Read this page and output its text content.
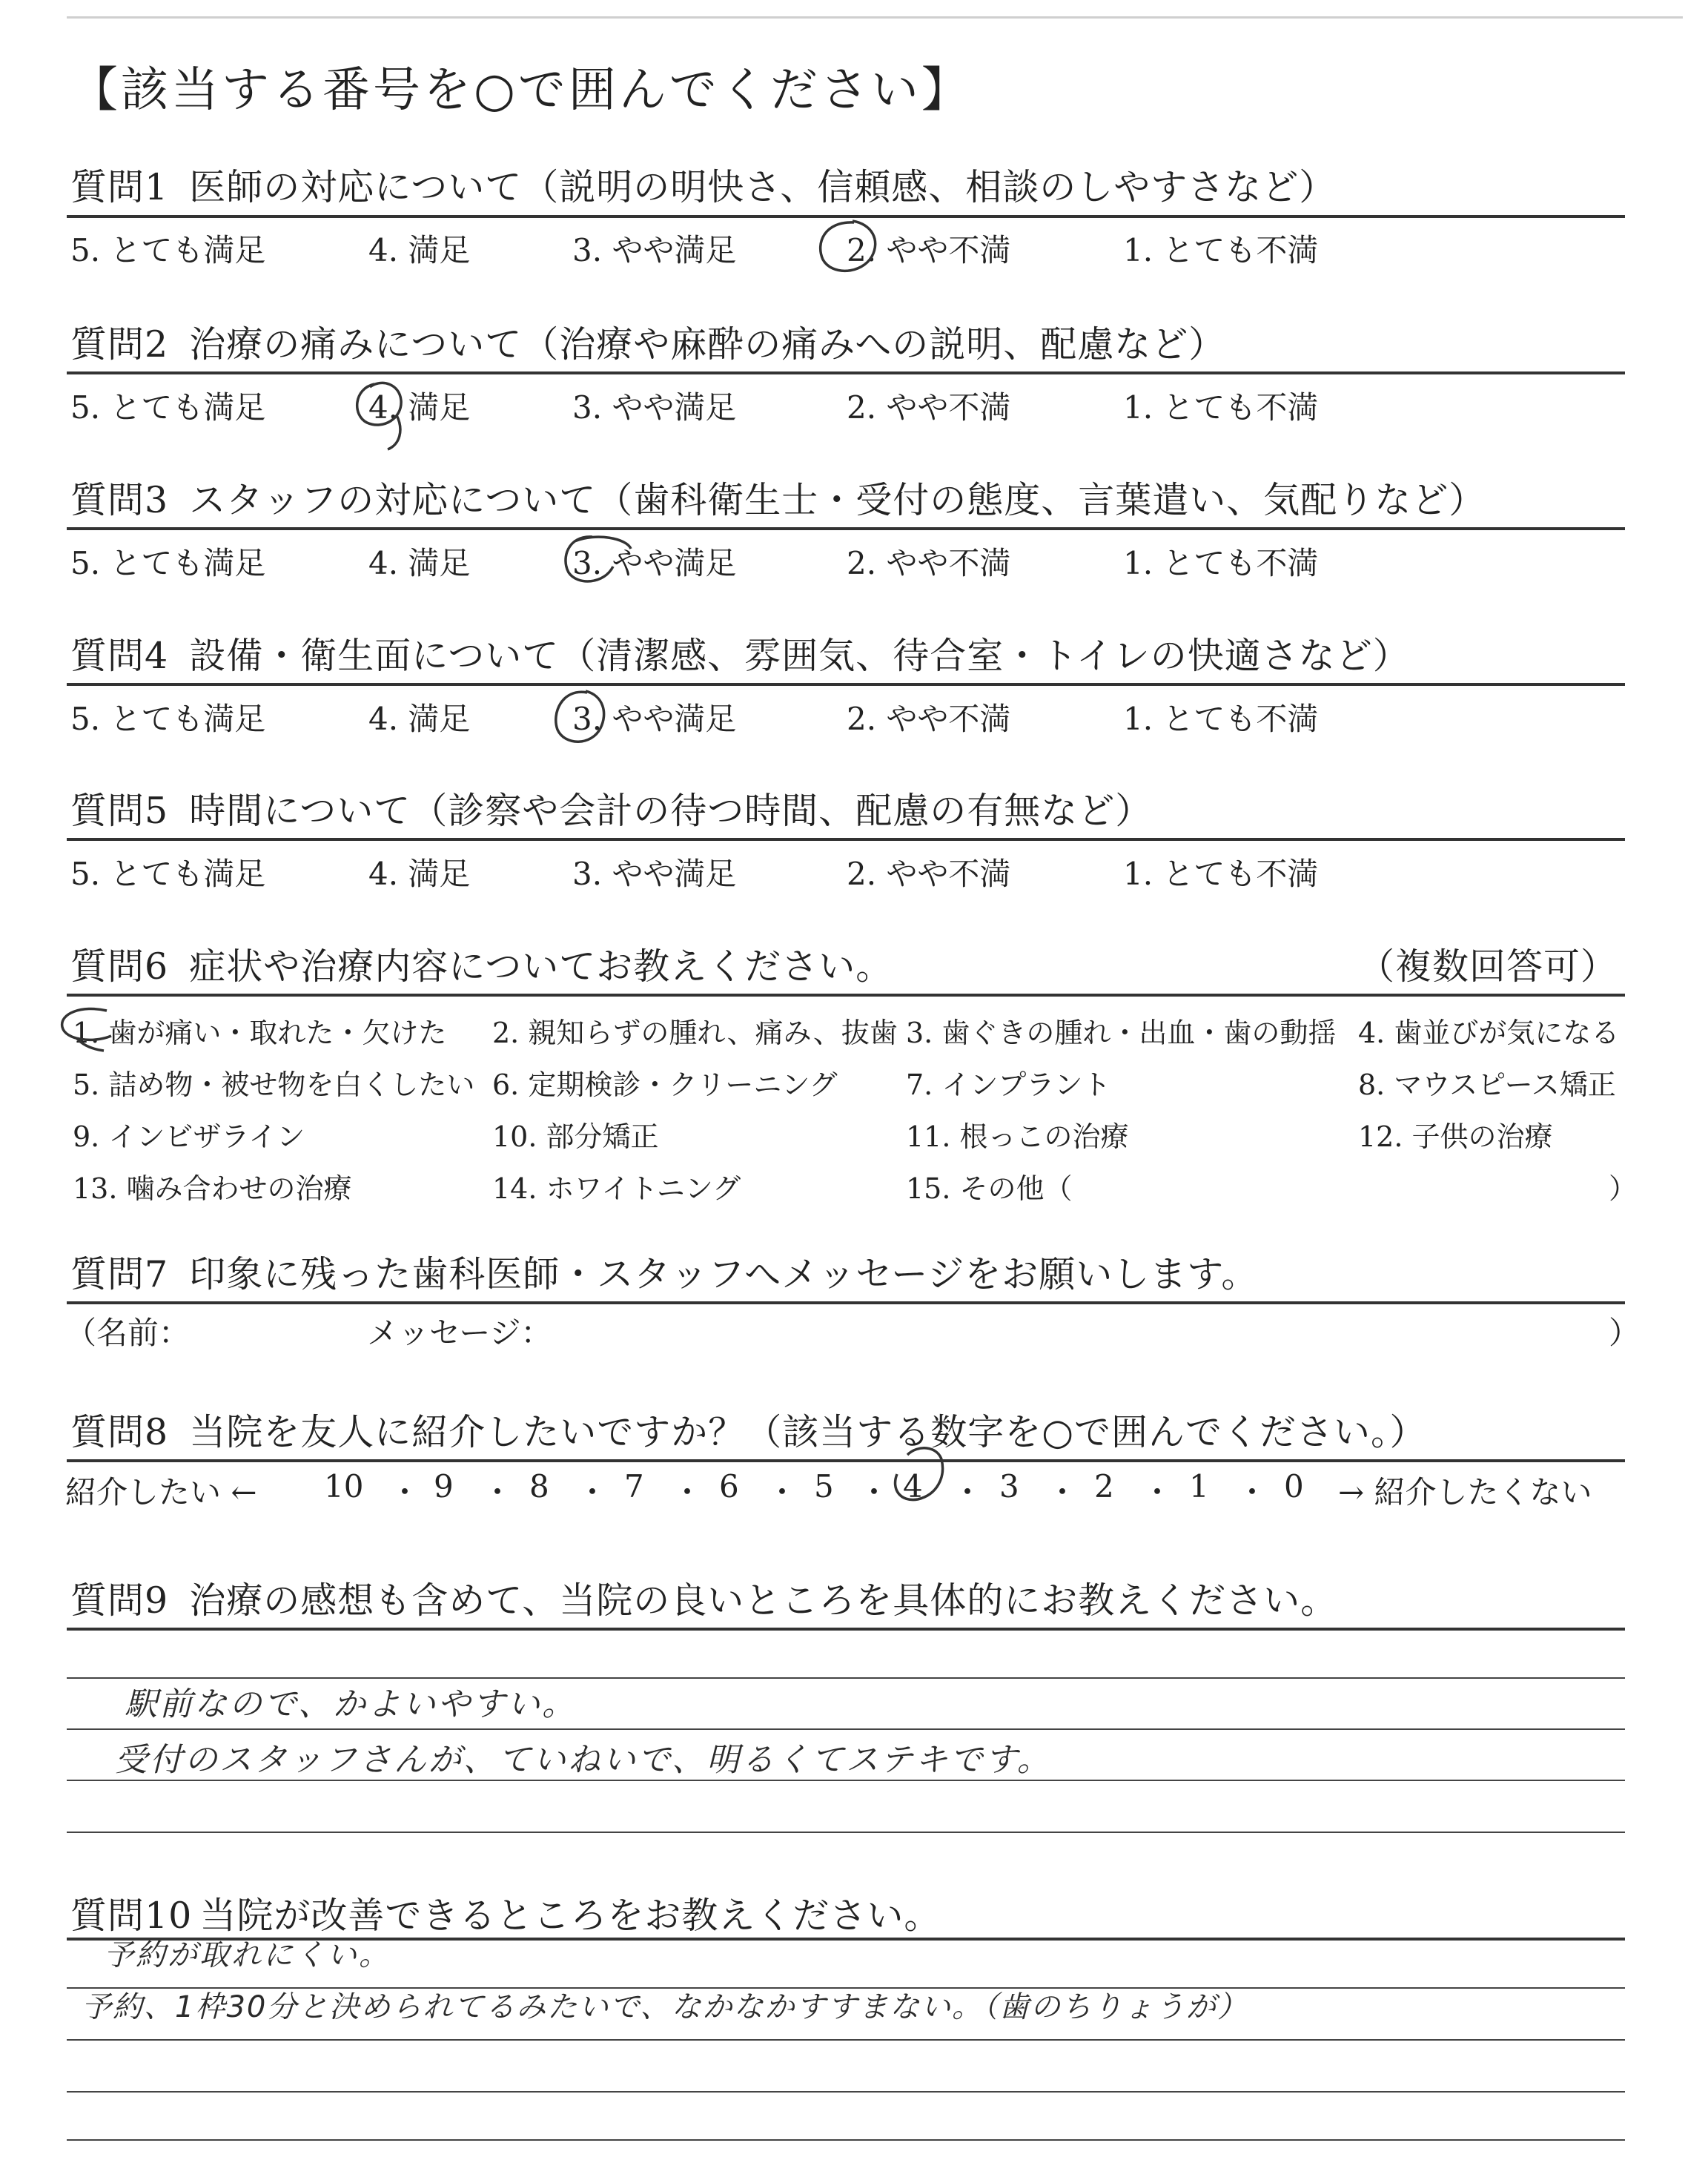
【該当する番号を○で囲んでください】
質問1 医師の対応について（説明の明快さ、信頼感、相談のしやすさなど）
5. とても満足	4. 満足	3. やや満足	2. やや不満	1. とても不満
質問2 治療の痛みについて（治療や麻酔の痛みへの説明、配慮など）
5. とても満足	4. 満足	3. やや満足	2. やや不満	1. とても不満
質問3 スタッフの対応について（歯科衛生士・受付の態度、言葉遣い、気配りなど）
5. とても満足	4. 満足	3. やや満足	2. やや不満	1. とても不満
質問4 設備・衛生面について（清潔感、雰囲気、待合室・トイレの快適さなど）
5. とても満足	4. 満足	3. やや満足	2. やや不満	1. とても不満
質問5 時間について（診察や会計の待つ時間、配慮の有無など）
5. とても満足	4. 満足	3. やや満足	2. やや不満	1. とても不満
質問6 症状や治療内容についてお教えください。	（複数回答可）
1. 歯が痛い・取れた・欠けた 2. 親知らずの腫れ、痛み、抜歯 3. 歯ぐきの腫れ・出血・歯の動揺 4. 歯並びが気になる
5. 詰め物・被せ物を白くしたい 6. 定期検診・クリーニング 7. インプラント	8. マウスピース矯正
9. インビザライン	10. 部分矯正	11. 根っこの治療	12. 子供の治療
13. 噛み合わせの治療	14. ホワイトニング	15. その他（	）
質問7 印象に残った歯科医師・スタッフへメッセージをお願いします。
（名前：	メッセージ：	）
質問8 当院を友人に紹介したいですか？（該当する数字を○で囲んでください。）
紹介したい ← 10 ・ 9 ・ 8 ・ 7 ・ 6 ・ 5 ・ 4 ・ 3 ・ 2 ・ 1 ・ 0 → 紹介したくない
質問9 治療の感想も含めて、当院の良いところを具体的にお教えください。
駅前なので、かよいやすい。
受付のスタッフさんが、ていねいで、明るくてステキです。
質問10 当院が改善できるところをお教えください。
予約が取れにくい。
予約、1枠30分と決められてるみたいで、なかなかすすまない。（歯のちりょうが）
